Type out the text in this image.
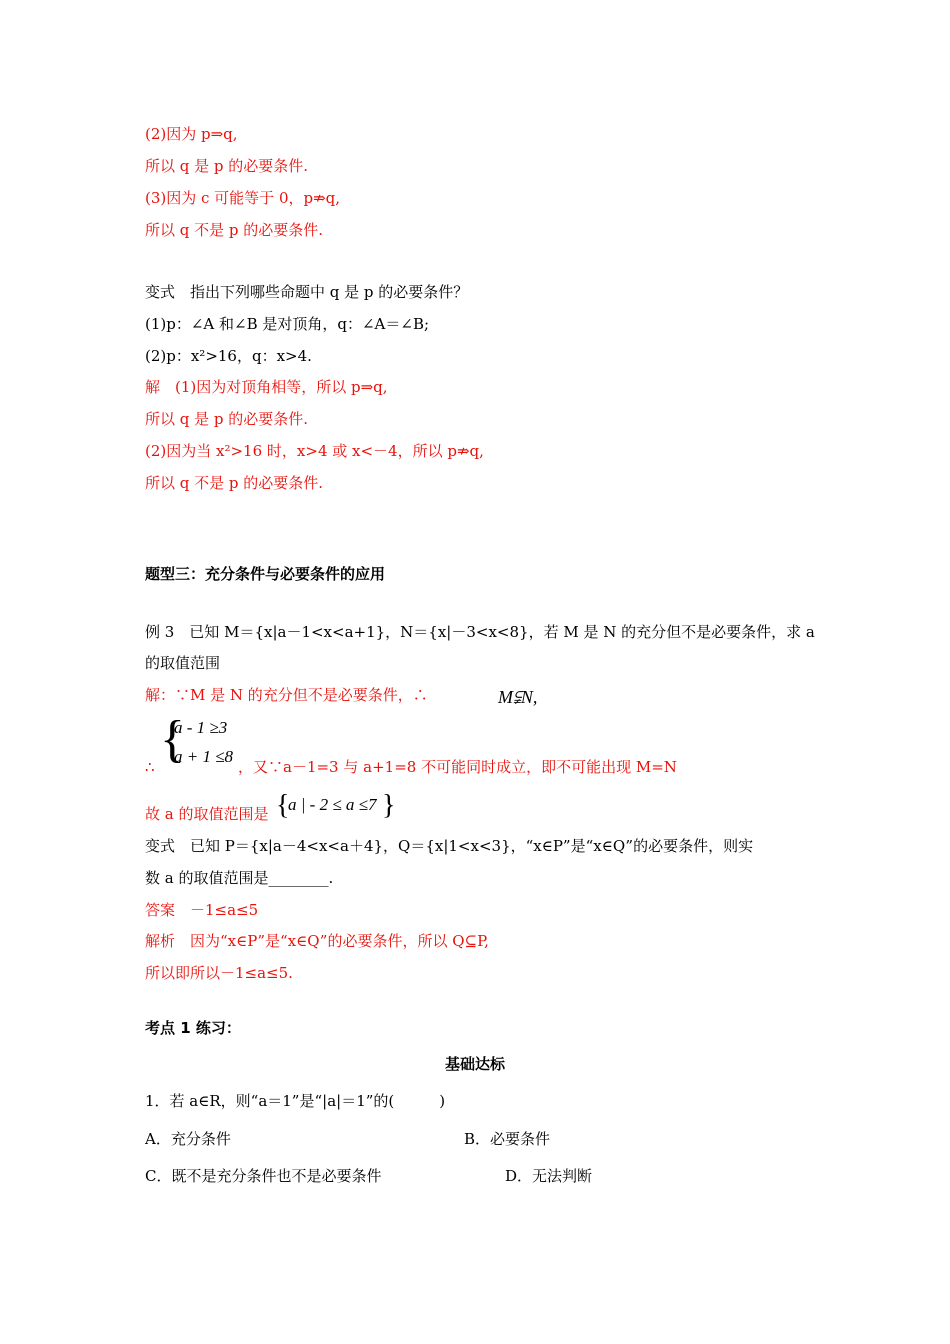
(2)因为 p⇒q,
所以 q 是 p 的必要条件.
(3)因为 c 可能等于 0，p⇏q,
所以 q 不是 p 的必要条件.
变式　指出下列哪些命题中 q 是 p 的必要条件？
(1)p：∠A 和∠B 是对顶角，q：∠A＝∠B;
(2)p：x²>16，q：x>4.
解　(1)因为对顶角相等，所以 p⇒q,
所以 q 是 p 的必要条件.
(2)因为当 x²>16 时，x>4 或 x<－4，所以 p⇏q,
所以 q 不是 p 的必要条件.
题型三：充分条件与必要条件的应用
例 3　已知 M＝{x|a－1<x<a+1}，N＝{x|－3<x<8}，若 M 是 N 的充分但不是必要条件，求 a
的取值范围
解：∵M 是 N 的充分但不是必要条件，∴	M⫋N,
{
a - 1 ≥3
a + 1 ≤8
∴	，又∵a－1=3 与 a+1=8 不可能同时成立，即不可能出现 M=N
故 a 的取值范围是 {
a | - 2 ≤ a ≤7 }
变式　已知 P＝{x|a－4<x<a＋4}，Q＝{x|1<x<3}，“x∈P”是“x∈Q”的必要条件，则实
数 a 的取值范围是________.
答案　－1≤a≤5
解析　因为“x∈P”是“x∈Q”的必要条件，所以 Q⊆P,
所以即所以－1≤a≤5.
考点 1 练习：
基础达标
1．若 a∈R，则“a＝1”是“|a|＝1”的(　　　)
A．充分条件	B．必要条件
C．既不是充分条件也不是必要条件	D．无法判断
